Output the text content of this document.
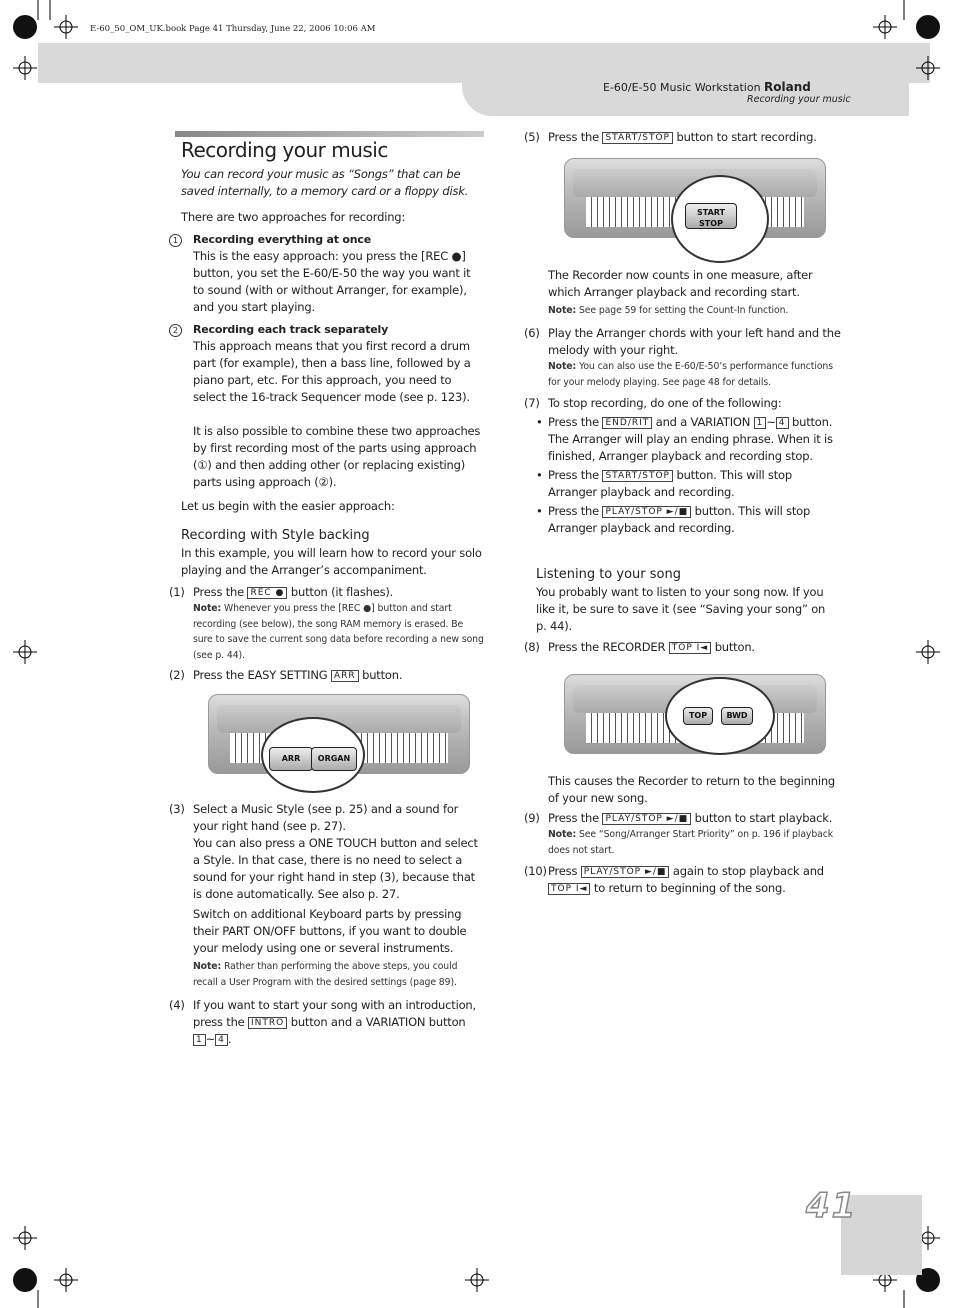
E-60_50_OM_UK.book Page 41 Thursday, June 22, 2006 10:06 AM
E-60/E-50 Music Workstation Roland
Recording your music
Recording your music
You can record your music as “Songs” that can be saved internally, to a memory card or a floppy disk.
There are two approaches for recording:
1	Recording everything at once
This is the easy approach: you press the [REC ●] button, you set the E-60/E-50 the way you want it to sound (with or without Arranger, for example), and you start playing.
2	Recording each track separately
This approach means that you first record a drum part (for example), then a bass line, followed by a piano part, etc. For this approach, you need to select the 16-track Sequencer mode (see p. 123).
It is also possible to combine these two approaches by first recording most of the parts using approach (①) and then adding other (or replacing existing) parts using approach (②).
Let us begin with the easier approach:
Recording with Style backing
In this example, you will learn how to record your solo playing and the Arranger’s accompaniment.
(1) Press the REC ● button (it flashes).
Note: Whenever you press the [REC ●] button and start recording (see below), the song RAM memory is erased. Be sure to save the current song data before recording a new song (see p. 44).
(2) Press the EASY SETTING ARR button.
ARR	ORGAN
(3) Select a Music Style (see p. 25) and a sound for your right hand (see p. 27).
You can also press a ONE TOUCH button and select a Style. In that case, there is no need to select a sound for your right hand in step (3), because that is done automatically. See also p. 27.
Switch on additional Keyboard parts by pressing their PART ON/OFF buttons, if you want to double your melody using one or several instruments.
Note: Rather than performing the above steps, you could recall a User Program with the desired settings (page 89).
(4) If you want to start your song with an introduction, press the INTRO button and a VARIATION button 1 ~ 4 .
(5) Press the START/STOP button to start recording.
START STOP
The Recorder now counts in one measure, after which Arranger playback and recording start.
Note: See page 59 for setting the Count-In function.
(6) Play the Arranger chords with your left hand and the melody with your right.
Note: You can also use the E-60/E-50’s performance functions for your melody playing. See page 48 for details.
(7) To stop recording, do one of the following:
• Press the END/RIT and a VARIATION 1 ~ 4 button. The Arranger will play an ending phrase. When it is finished, Arranger playback and recording stop.
• Press the START/STOP button. This will stop Arranger playback and recording.
• Press the PLAY/STOP ►/■ button. This will stop Arranger playback and recording.
Listening to your song
You probably want to listen to your song now. If you like it, be sure to save it (see “Saving your song” on p. 44).
(8) Press the RECORDER TOP I◄ button.
TOP	BWD
This causes the Recorder to return to the beginning of your new song.
(9) Press the PLAY/STOP ►/■ button to start playback.
Note: See “Song/Arranger Start Priority” on p. 196 if playback does not start.
(10) Press PLAY/STOP ►/■ again to stop playback and TOP I◄ to return to beginning of the song.
41
